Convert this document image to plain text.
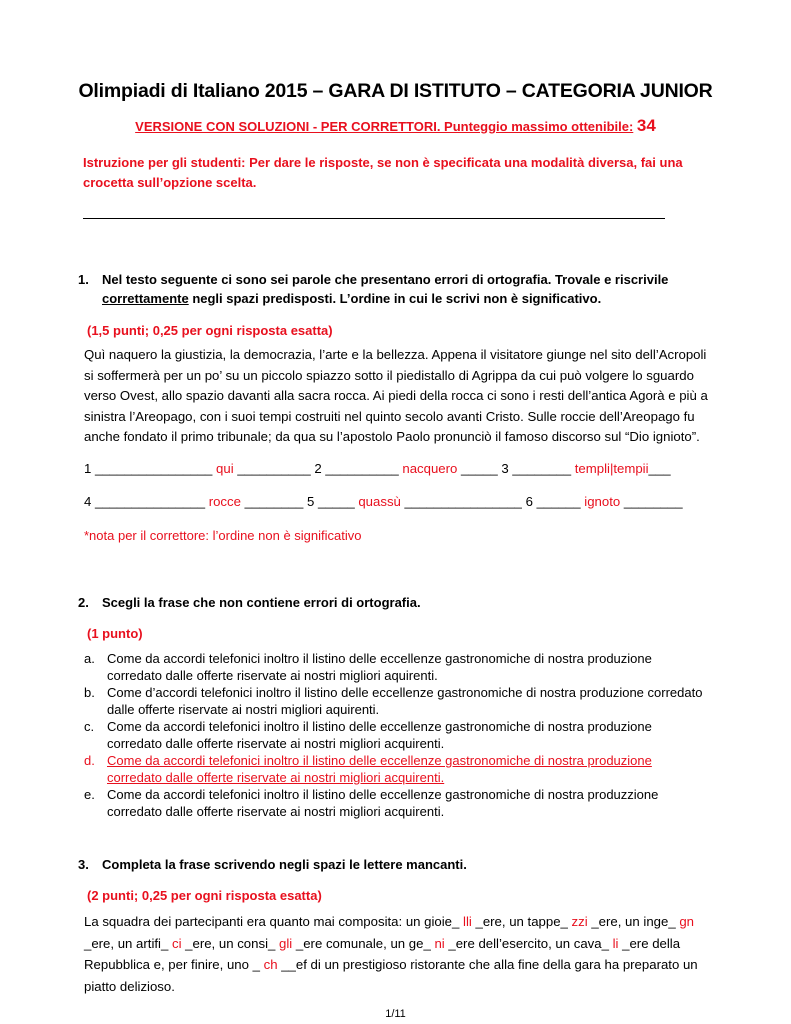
Olimpiadi di Italiano 2015 – GARA DI ISTITUTO – CATEGORIA JUNIOR
VERSIONE CON SOLUZIONI - PER CORRETTORI. Punteggio massimo ottenibile: 34
Istruzione per gli studenti: Per dare le risposte, se non è specificata una modalità diversa, fai una crocetta sull’opzione scelta.
1. Nel testo seguente ci sono sei parole che presentano errori di ortografia. Trovale e riscrivile correttamente negli spazi predisposti. L’ordine in cui le scrivi non è significativo.
(1,5 punti; 0,25 per ogni risposta esatta)
Quì naquero la giustizia, la democrazia, l’arte e la bellezza. Appena il visitatore giunge nel sito dell’Acropoli si soffermerà per un po’ su un piccolo spiazzo sotto il piedistallo di Agrippa da cui può volgere lo sguardo verso Ovest, allo spazio davanti alla sacra rocca. Ai piedi della rocca ci sono i resti dell’antica Agorà e più a sinistra l’Areopago, con i suoi tempi costruiti nel quinto secolo avanti Cristo. Sulle roccie dell’Areopago fu anche fondato il primo tribunale; da qua su l’apostolo Paolo pronunciò il famoso discorso sul “Dio ignioto”.
1 ________________ qui __________ 2 __________ nacquero _____ 3 ________ templi|tempii___
4 _______________ rocce ________ 5 _____ quassù ________________ 6 ______ ignoto ________
*nota per il correttore: l’ordine non è significativo
2. Scegli la frase che non contiene errori di ortografia.
(1 punto)
a. Come da accordi telefonici inoltro il listino delle eccellenze gastronomiche di nostra produzione corredato dalle offerte riservate ai nostri migliori aquirenti.
b. Come d’accordi telefonici inoltro il listino delle eccellenze gastronomiche di nostra produzione corredato dalle offerte riservate ai nostri migliori aquirenti.
c. Come da accordi telefonici inoltro il listino delle eccellenze gastronomiche di nostra produzione corredato dalle offerte riservate ai nostri migliori acquirenti.
d. Come da accordi telefonici inoltro il listino delle eccellenze gastronomiche di nostra produzione corredato dalle offerte riservate ai nostri migliori acquirenti.
e. Come da accordi telefonici inoltro il listino delle eccellenze gastronomiche di nostra produzzione corredato dalle offerte riservate ai nostri migliori acquirenti.
3. Completa la frase scrivendo negli spazi le lettere mancanti.
(2 punti; 0,25 per ogni risposta esatta)
La squadra dei partecipanti era quanto mai composita: un gioie_ lli _ere, un tappe_ zzi _ere, un inge_ gn _ere, un artifi_ ci _ere, un consi_ gli _ere comunale, un ge_ ni _ere dell’esercito, un cava_ li _ere della Repubblica e, per finire, uno _ ch __ef di un prestigioso ristorante che alla fine della gara ha preparato un piatto delizioso.
1/11
